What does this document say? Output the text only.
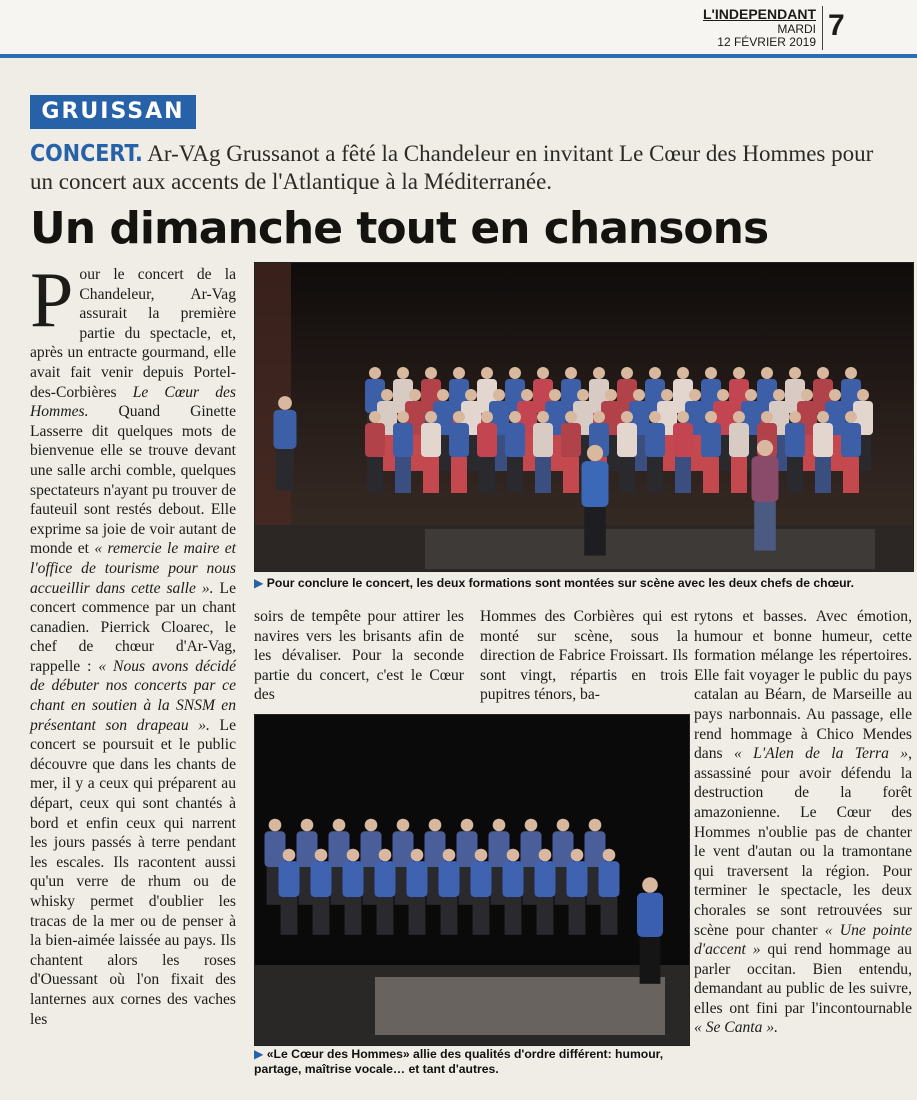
L'INDEPENDANT
MARDI
12 FÉVRIER 2019 7
GRUISSAN
CONCERT. Ar-VAg Grussanot a fêté la Chandeleur en invitant Le Cœur des Hommes pour un concert aux accents de l'Atlantique à la Méditerranée.
Un dimanche tout en chansons
P our le concert de la Chandeleur, Ar-Vag assurait la première partie du spectacle, et, après un entracte gourmand, elle avait fait venir depuis Portel-des-Corbières Le Cœur des Hommes. Quand Ginette Lasserre dit quelques mots de bienvenue elle se trouve devant une salle archi comble, quelques spectateurs n'ayant pu trouver de fauteuil sont restés debout. Elle exprime sa joie de voir autant de monde et « remercie le maire et l'office de tourisme pour nous accueillir dans cette salle ». Le concert commence par un chant canadien. Pierrick Cloarec, le chef de chœur d'Ar-Vag, rappelle : « Nous avons décidé de débuter nos concerts par ce chant en soutien à la SNSM en présentant son drapeau ». Le concert se poursuit et le public découvre que dans les chants de mer, il y a ceux qui préparent au départ, ceux qui sont chantés à bord et enfin ceux qui narrent les jours passés à terre pendant les escales. Ils racontent aussi qu'un verre de rhum ou de whisky permet d'oublier les tracas de la mer ou de penser à la bien-aimée laissée au pays. Ils chantent alors les roses d'Ouessant où l'on fixait des lanternes aux cornes des vaches les

soirs de tempête pour attirer les navires vers les brisants afin de les dévaliser. Pour la seconde partie du concert, c'est le Cœur des

Hommes des Corbières qui est monté sur scène, sous la direction de Fabrice Froissart. Ils sont vingt, répartis en trois pupitres ténors, ba-

rytons et basses. Avec émotion, humour et bonne humeur, cette formation mélange les répertoires. Elle fait voyager le public du pays catalan au Béarn, de Marseille au pays narbonnais. Au passage, elle rend hommage à Chico Mendes dans « L'Alen de la Terra », assassiné pour avoir défendu la destruction de la forêt amazonienne. Le Cœur des Hommes n'oublie pas de chanter le vent d'autan ou la tramontane qui traversent la région. Pour terminer le spectacle, les deux chorales se sont retrouvées sur scène pour chanter « Une pointe d'accent » qui rend hommage au parler occitan. Bien entendu, demandant au public de les suivre, elles ont fini par l'incontournable « Se Canta ».

▶ Pour conclure le concert, les deux formations sont montées sur scène avec les deux chefs de chœur.
▶ «Le Cœur des Hommes» allie des qualités d'ordre différent: humour, partage, maîtrise vocale… et tant d'autres.
